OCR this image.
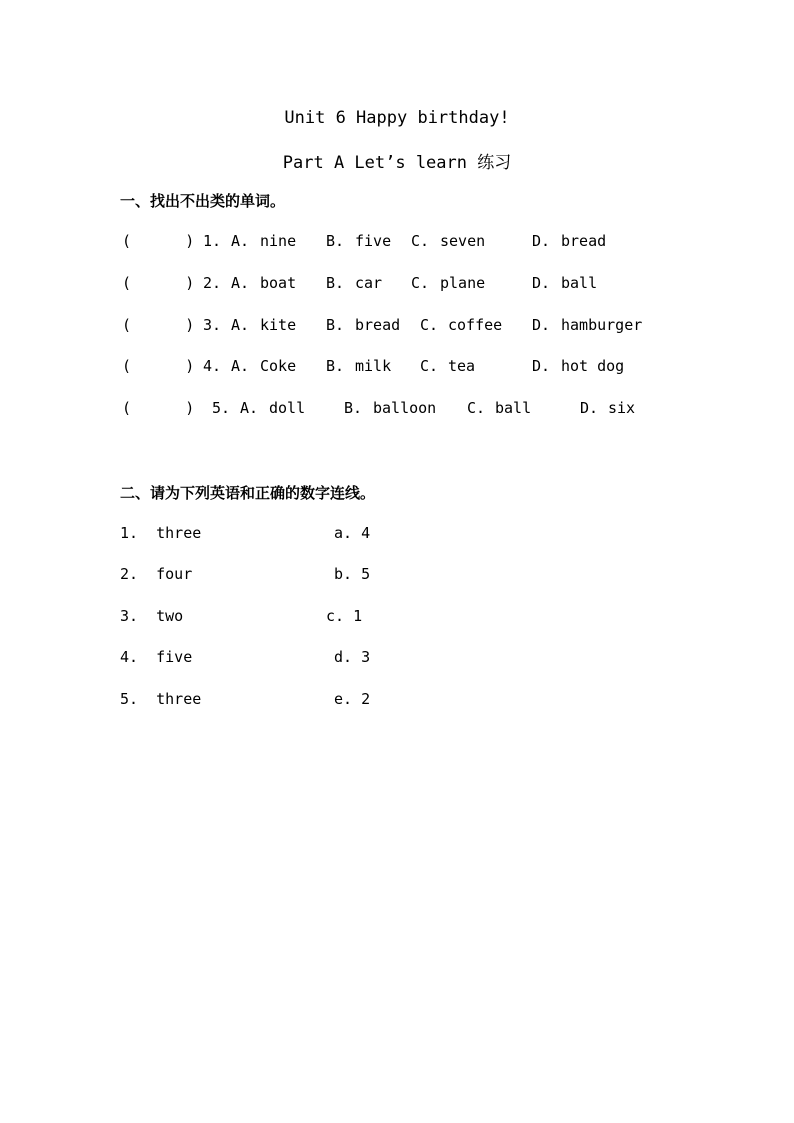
Unit 6 Happy birthday!
Part A Let’s learn 练习
一、找出不出类的单词。
(      ) 1. A. nine B. five C. seven	D. bread
(      ) 2. A. boat B. car C. plane	D. ball
(      ) 3. A. kite B. bread C. coffee D. hamburger
(      ) 4. A. Coke B. milk C. tea	D. hot dog
(      ) 5. A. doll	B. balloon C. ball	D. six
二、请为下列英语和正确的数字连线。
1.  three	a. 4
2.  four	b. 5
3.  two	c. 1
4.  five	d. 3
5.  three	e. 2
